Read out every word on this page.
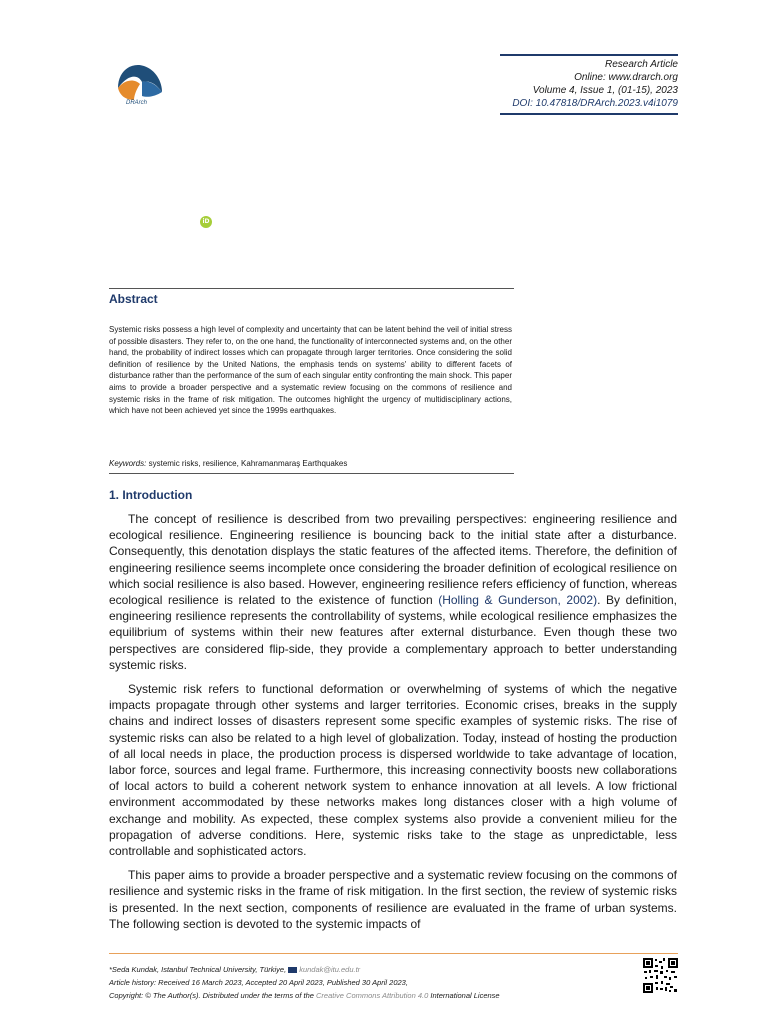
DRArch
Research Article
Online: www.drarch.org
Volume 4, Issue 1, (01-15), 2023
DOI: 10.47818/DRArch.2023.v4i1079
iD
Abstract
Systemic risks possess a high level of complexity and uncertainty that can be latent behind the veil of initial stress of possible disasters. They refer to, on the one hand, the functionality of interconnected systems and, on the other hand, the probability of indirect losses which can propagate through larger territories. Once considering the solid definition of resilience by the United Nations, the emphasis tends on systems' ability to different facets of disturbance rather than the performance of the sum of each singular entity confronting the main shock. This paper aims to provide a broader perspective and a systematic review focusing on the commons of resilience and systemic risks in the frame of risk mitigation. The outcomes highlight the urgency of multidisciplinary actions, which have not been achieved yet since the 1999s earthquakes.
Keywords: systemic risks, resilience, Kahramanmaraş Earthquakes
1. Introduction

The concept of resilience is described from two prevailing perspectives: engineering resilience and ecological resilience. Engineering resilience is bouncing back to the initial state after a disturbance. Consequently, this denotation displays the static features of the affected items. Therefore, the definition of engineering resilience seems incomplete once considering the broader definition of ecological resilience on which social resilience is also based. However, engineering resilience refers efficiency of function, whereas ecological resilience is related to the existence of function (Holling & Gunderson, 2002). By definition, engineering resilience represents the controllability of systems, while ecological resilience emphasizes the equilibrium of systems within their new features after external disturbance. Even though these two perspectives are considered flip-side, they provide a complementary approach to better understanding systemic risks.

Systemic risk refers to functional deformation or overwhelming of systems of which the negative impacts propagate through other systems and larger territories. Economic crises, breaks in the supply chains and indirect losses of disasters represent some specific examples of systemic risks. The rise of systemic risks can also be related to a high level of globalization. Today, instead of hosting the production of all local needs in place, the production process is dispersed worldwide to take advantage of location, labor force, sources and legal frame. Furthermore, this increasing connectivity boosts new collaborations of local actors to build a coherent network system to enhance innovation at all levels. A low frictional environment accommodated by these networks makes long distances closer with a high volume of exchange and mobility. As expected, these complex systems also provide a convenient milieu for the propagation of adverse conditions. Here, systemic risks take to the stage as unpredictable, less controllable and sophisticated actors.

This paper aims to provide a broader perspective and a systematic review focusing on the commons of resilience and systemic risks in the frame of risk mitigation. In the first section, the review of systemic risks is presented. In the next section, components of resilience are evaluated in the frame of urban systems. The following section is devoted to the systemic impacts of

*Seda Kundak, Istanbul Technical University, Türkiye, kundak@itu.edu.tr
Article history: Received 16 March 2023, Accepted 20 April 2023, Published 30 April 2023,
Copyright: © The Author(s). Distributed under the terms of the Creative Commons Attribution 4.0 International License
